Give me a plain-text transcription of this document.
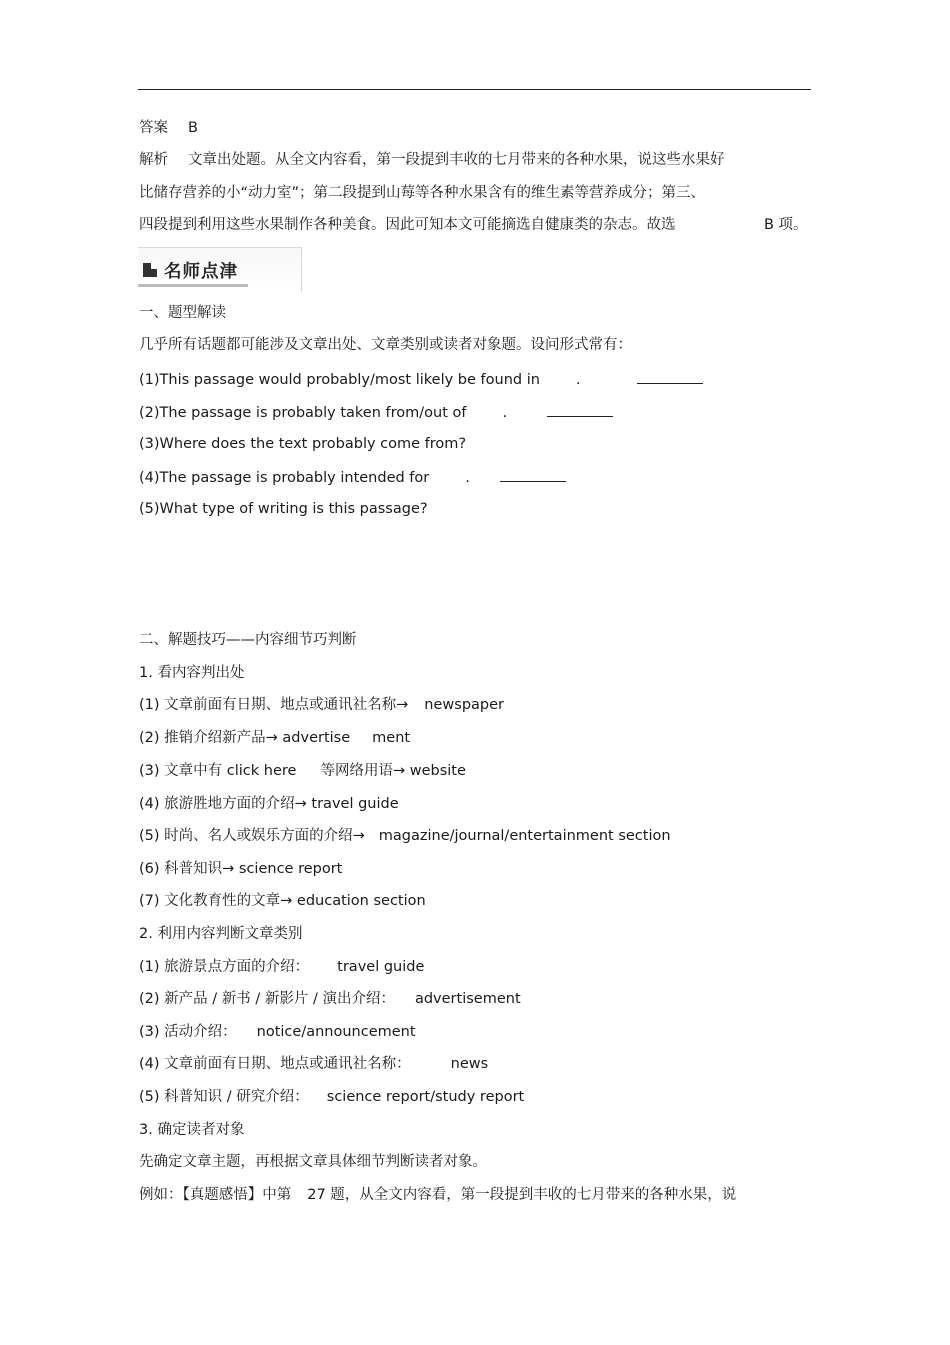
答案 B
解析 文章出处题。从全文内容看，第一段提到丰收的七月带来的各种水果，说这些水果好
比储存营养的小“动力室”；第二段提到山莓等各种水果含有的维生素等营养成分；第三、
四段提到利用这些水果制作各种美食。因此可知本文可能摘选自健康类的杂志。故选	B 项。
名师点津
一、题型解读
几乎所有话题都可能涉及文章出处、文章类别或读者对象题。设问形式常有：
(1)This passage would probably/most likely be found in .
(2)The passage is probably taken from/out of .
(3)Where does the text probably come from?
(4)The passage is probably intended for .
(5)What type of writing is this passage?
二、解题技巧——内容细节巧判断
1. 看内容判出处
(1) 文章前面有日期、地点或通讯社名称→ newspaper
(2) 推销介绍新产品→ advertise ment
(3) 文章中有 click here 等网络用语→ website
(4) 旅游胜地方面的介绍→ travel guide
(5) 时尚、名人或娱乐方面的介绍→ magazine/journal/entertainment section
(6) 科普知识→ science report
(7) 文化教育性的文章→ education section
2. 利用内容判断文章类别
(1) 旅游景点方面的介绍： travel guide
(2) 新产品 / 新书 / 新影片 / 演出介绍： advertisement
(3) 活动介绍： notice/announcement
(4) 文章前面有日期、地点或通讯社名称：	news
(5) 科普知识 / 研究介绍： science report/study report
3. 确定读者对象
先确定文章主题，再根据文章具体细节判断读者对象。
例如：【真题感悟】中第 27 题，从全文内容看，第一段提到丰收的七月带来的各种水果，说
